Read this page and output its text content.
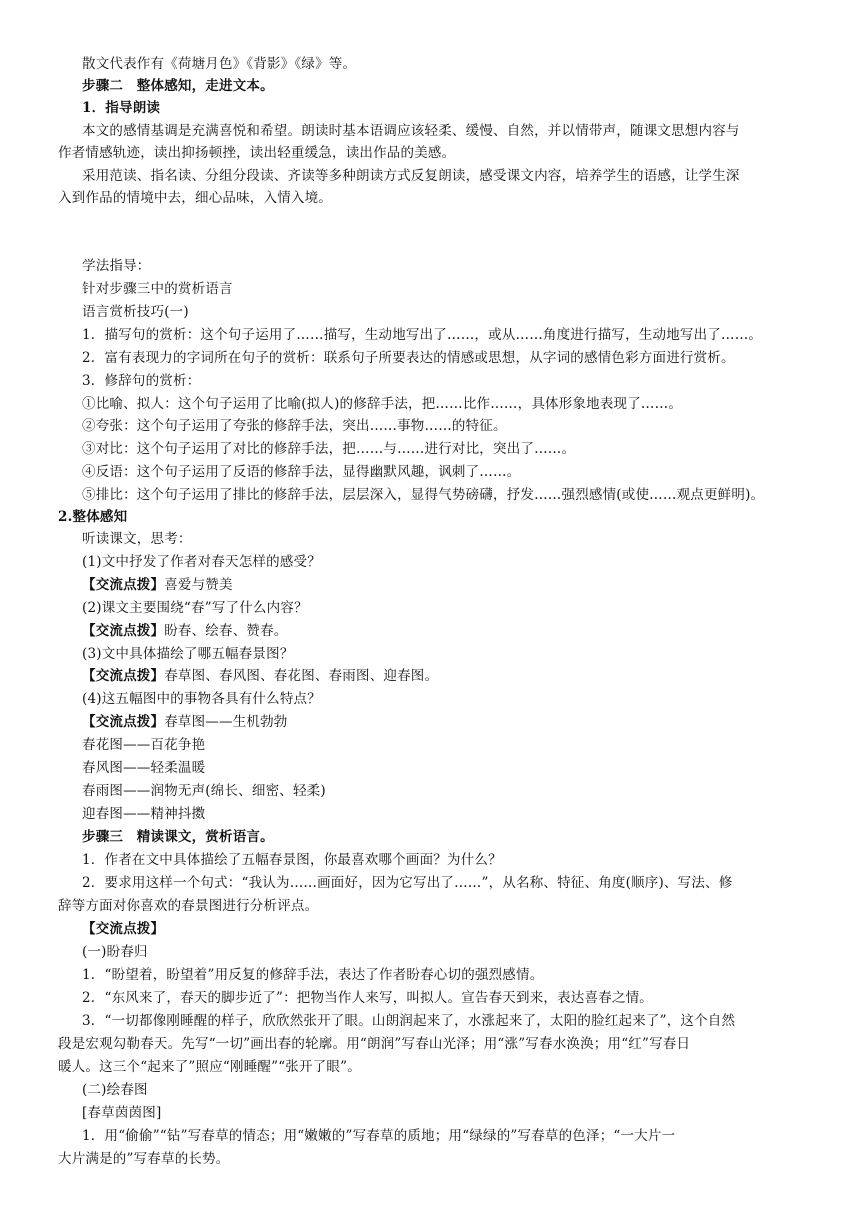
散文代表作有《荷塘月色》《背影》《绿》等。
步骤二　整体感知，走进文本。
1．指导朗读
本文的感情基调是充满喜悦和希望。朗读时基本语调应该轻柔、缓慢、自然，并以情带声，随课文思想内容与
作者情感轨迹，读出抑扬顿挫，读出轻重缓急，读出作品的美感。
采用范读、指名读、分组分段读、齐读等多种朗读方式反复朗读，感受课文内容，培养学生的语感，让学生深
入到作品的情境中去，细心品味，入情入境。
学法指导：
针对步骤三中的赏析语言
语言赏析技巧(一)
1．描写句的赏析：这个句子运用了……描写，生动地写出了……，或从……角度进行描写，生动地写出了……。
2．富有表现力的字词所在句子的赏析：联系句子所要表达的情感或思想，从字词的感情色彩方面进行赏析。
3．修辞句的赏析：
①比喻、拟人：这个句子运用了比喻(拟人)的修辞手法，把……比作……，具体形象地表现了……。
②夸张：这个句子运用了夸张的修辞手法，突出……事物……的特征。
③对比：这个句子运用了对比的修辞手法，把……与……进行对比，突出了……。
④反语：这个句子运用了反语的修辞手法，显得幽默风趣，讽刺了……。
⑤排比：这个句子运用了排比的修辞手法，层层深入，显得气势磅礴，抒发……强烈感情(或使……观点更鲜明)。
2.整体感知
听读课文，思考：
(1)文中抒发了作者对春天怎样的感受？
【交流点拨】喜爱与赞美
(2)课文主要围绕“春”写了什么内容？
【交流点拨】盼春、绘春、赞春。
(3)文中具体描绘了哪五幅春景图？
【交流点拨】春草图、春风图、春花图、春雨图、迎春图。
(4)这五幅图中的事物各具有什么特点？
【交流点拨】春草图——生机勃勃
春花图——百花争艳
春风图——轻柔温暖
春雨图——润物无声(绵长、细密、轻柔)
迎春图——精神抖擞
步骤三　精读课文，赏析语言。
1．作者在文中具体描绘了五幅春景图，你最喜欢哪个画面？为什么？
2．要求用这样一个句式：“我认为……画面好，因为它写出了……”，从名称、特征、角度(顺序)、写法、修
辞等方面对你喜欢的春景图进行分析评点。
【交流点拨】
(一)盼春归
1．“盼望着，盼望着”用反复的修辞手法，表达了作者盼春心切的强烈感情。
2．“东风来了，春天的脚步近了”：把物当作人来写，叫拟人。宣告春天到来，表达喜春之情。
3．“一切都像刚睡醒的样子，欣欣然张开了眼。山朗润起来了，水涨起来了，太阳的脸红起来了”，这个自然
段是宏观勾勒春天。先写“一切”画出春的轮廓。用“朗润”写春山光泽；用“涨”写春水涣涣；用“红”写春日
暖人。这三个“起来了”照应“刚睡醒”“张开了眼”。
(二)绘春图
[春草茵茵图]
1．用“偷偷”“钻”写春草的情态；用“嫩嫩的”写春草的质地；用“绿绿的”写春草的色泽；“一大片一
大片满是的”写春草的长势。
